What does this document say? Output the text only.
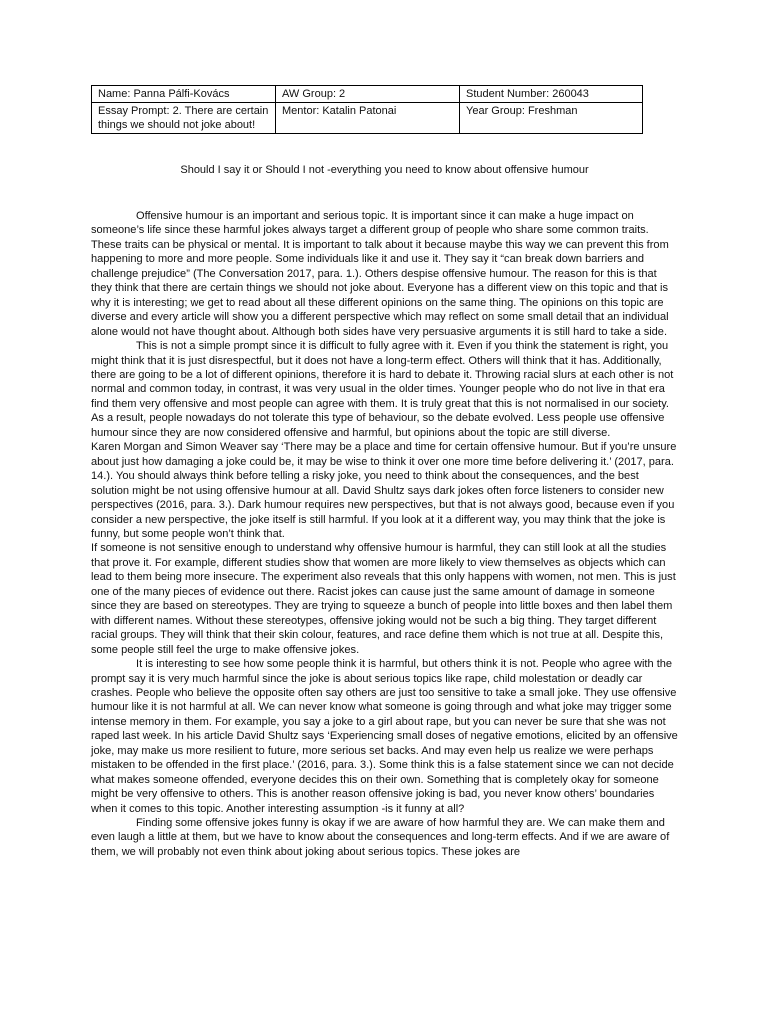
Name: Panna Pálfi-Kovács	AW Group: 2	Student Number: 260043
Essay Prompt: 2. There are certain things we should not joke about!	Mentor: Katalin Patonai	Year Group: Freshman
Should I say it or Should I not -everything you need to know about offensive humour

Offensive humour is an important and serious topic. It is important since it can make a huge impact on someone’s life since these harmful jokes always target a different group of people who share some common traits. These traits can be physical or mental. It is important to talk about it because maybe this way we can prevent this from happening to more and more people. Some individuals like it and use it. They say it “can break down barriers and challenge prejudice” (The Conversation 2017, para. 1.). Others despise offensive humour. The reason for this is that they think that there are certain things we should not joke about. Everyone has a different view on this topic and that is why it is interesting; we get to read about all these different opinions on the same thing. The opinions on this topic are diverse and every article will show you a different perspective which may reflect on some small detail that an individual alone would not have thought about. Although both sides have very persuasive arguments it is still hard to take a side.

This is not a simple prompt since it is difficult to fully agree with it. Even if you think the statement is right, you might think that it is just disrespectful, but it does not have a long-term effect. Others will think that it has. Additionally, there are going to be a lot of different opinions, therefore it is hard to debate it. Throwing racial slurs at each other is not normal and common today, in contrast, it was very usual in the older times. Younger people who do not live in that era find them very offensive and most people can agree with them. It is truly great that this is not normalised in our society. As a result, people nowadays do not tolerate this type of behaviour, so the debate evolved. Less people use offensive humour since they are now considered offensive and harmful, but opinions about the topic are still diverse.

Karen Morgan and Simon Weaver say ‘There may be a place and time for certain offensive humour. But if you’re unsure about just how damaging a joke could be, it may be wise to think it over one more time before delivering it.’ (2017, para. 14.). You should always think before telling a risky joke, you need to think about the consequences, and the best solution might be not using offensive humour at all. David Shultz says dark jokes often force listeners to consider new perspectives (2016, para. 3.). Dark humour requires new perspectives, but that is not always good, because even if you consider a new perspective, the joke itself is still harmful. If you look at it a different way, you may think that the joke is funny, but some people won’t think that.

If someone is not sensitive enough to understand why offensive humour is harmful, they can still look at all the studies that prove it. For example, different studies show that women are more likely to view themselves as objects which can lead to them being more insecure. The experiment also reveals that this only happens with women, not men. This is just one of the many pieces of evidence out there. Racist jokes can cause just the same amount of damage in someone since they are based on stereotypes. They are trying to squeeze a bunch of people into little boxes and then label them with different names. Without these stereotypes, offensive joking would not be such a big thing. They target different racial groups. They will think that their skin colour, features, and race define them which is not true at all. Despite this, some people still feel the urge to make offensive jokes.

It is interesting to see how some people think it is harmful, but others think it is not. People who agree with the prompt say it is very much harmful since the joke is about serious topics like rape, child molestation or deadly car crashes. People who believe the opposite often say others are just too sensitive to take a small joke. They use offensive humour like it is not harmful at all. We can never know what someone is going through and what joke may trigger some intense memory in them. For example, you say a joke to a girl about rape, but you can never be sure that she was not raped last week. In his article David Shultz says ‘Experiencing small doses of negative emotions, elicited by an offensive joke, may make us more resilient to future, more serious set backs. And may even help us realize we were perhaps mistaken to be offended in the first place.’ (2016, para. 3.). Some think this is a false statement since we can not decide what makes someone offended, everyone decides this on their own. Something that is completely okay for someone might be very offensive to others. This is another reason offensive joking is bad, you never know others’ boundaries when it comes to this topic. Another interesting assumption -is it funny at all?

Finding some offensive jokes funny is okay if we are aware of how harmful they are. We can make them and even laugh a little at them, but we have to know about the consequences and long-term effects. And if we are aware of them, we will probably not even think about joking about serious topics. These jokes are
